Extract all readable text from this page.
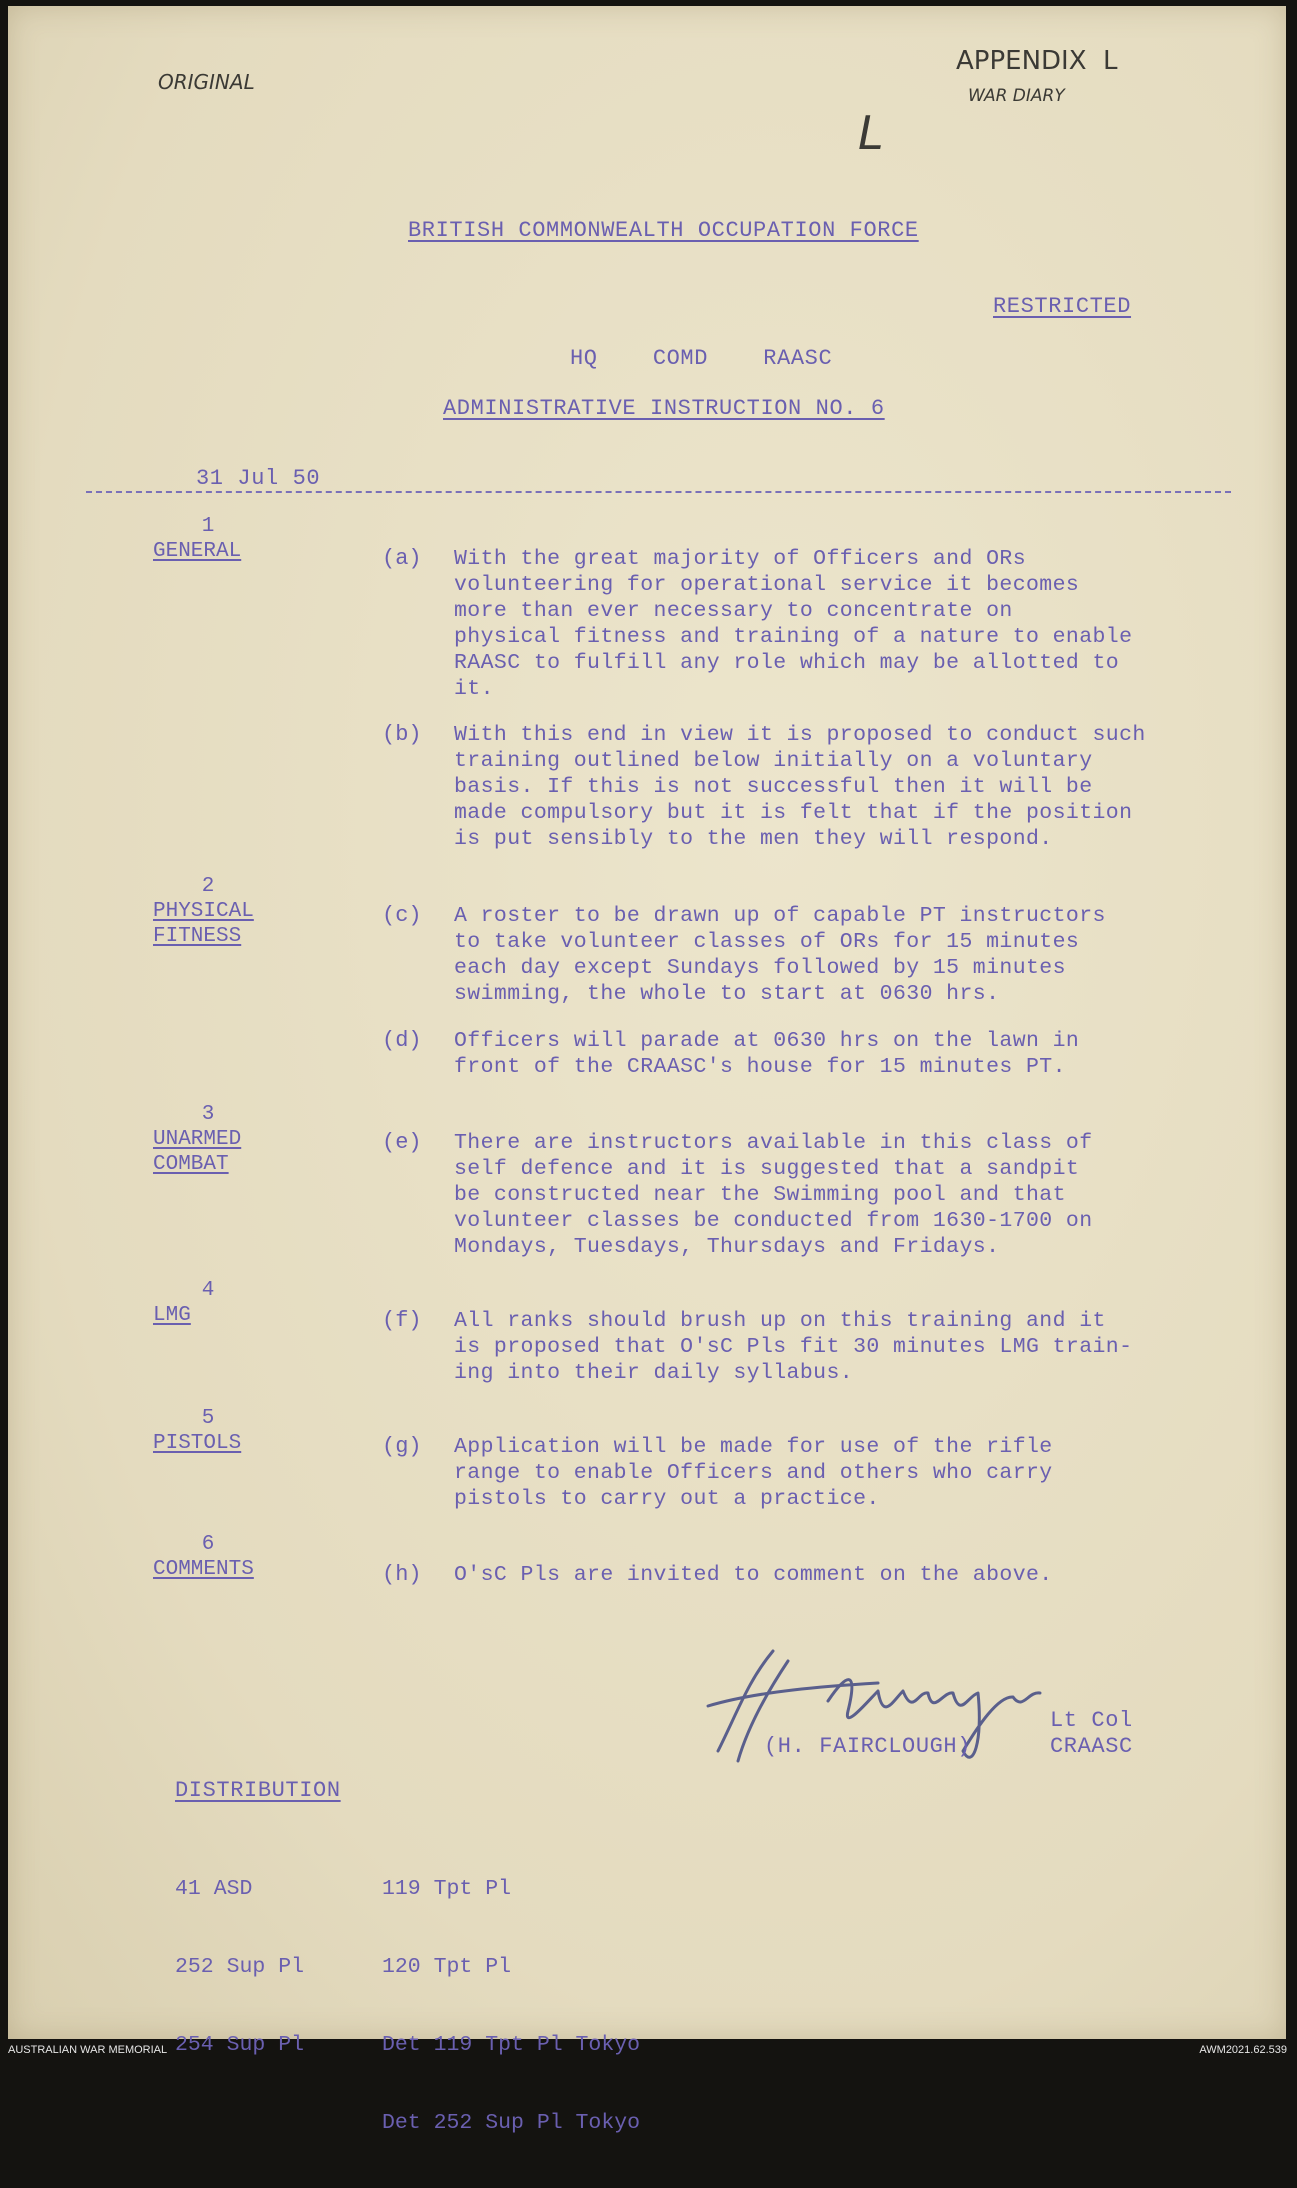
ORIGINAL
APPENDIX  L
WAR DIARY
L
BRITISH COMMONWEALTH OCCUPATION FORCE
RESTRICTED
HQ    COMD    RAASC
ADMINISTRATIVE INSTRUCTION NO. 6
31 Jul 50
1
GENERAL
2
PHYSICAL FITNESS
3
UNARMED COMBAT
4
LMG
5
PISTOLS
6
COMMENTS
(a) With the great majority of Officers and ORs
volunteering for operational service it becomes
more than ever necessary to concentrate on
physical fitness and training of a nature to enable
RAASC to fulfill any role which may be allotted to
it.
(b) With this end in view it is proposed to conduct such
training outlined below initially on a voluntary
basis. If this is not successful then it will be
made compulsory but it is felt that if the position
is put sensibly to the men they will respond.
(c) A roster to be drawn up of capable PT instructors
to take volunteer classes of ORs for 15 minutes
each day except Sundays followed by 15 minutes
swimming, the whole to start at 0630 hrs.
(d) Officers will parade at 0630 hrs on the lawn in
front of the CRAASC's house for 15 minutes PT.
(e) There are instructors available in this class of
self defence and it is suggested that a sandpit
be constructed near the Swimming pool and that
volunteer classes be conducted from 1630-1700 on
Mondays, Tuesdays, Thursdays and Fridays.
(f) All ranks should brush up on this training and it
is proposed that O'sC Pls fit 30 minutes LMG train-
ing into their daily syllabus.
(g) Application will be made for use of the rifle
range to enable Officers and others who carry
pistols to carry out a practice.
(h) O'sC Pls are invited to comment on the above.
(H. FAIRCLOUGH)
Lt Col
CRAASC
DISTRIBUTION

41 ASD

252 Sup Pl

254 Sup Pl

119 Tpt Pl

120 Tpt Pl

Det 119 Tpt Pl Tokyo

Det 252 Sup Pl Tokyo

AUSTRALIAN WAR MEMORIAL	AWM2021.62.539
